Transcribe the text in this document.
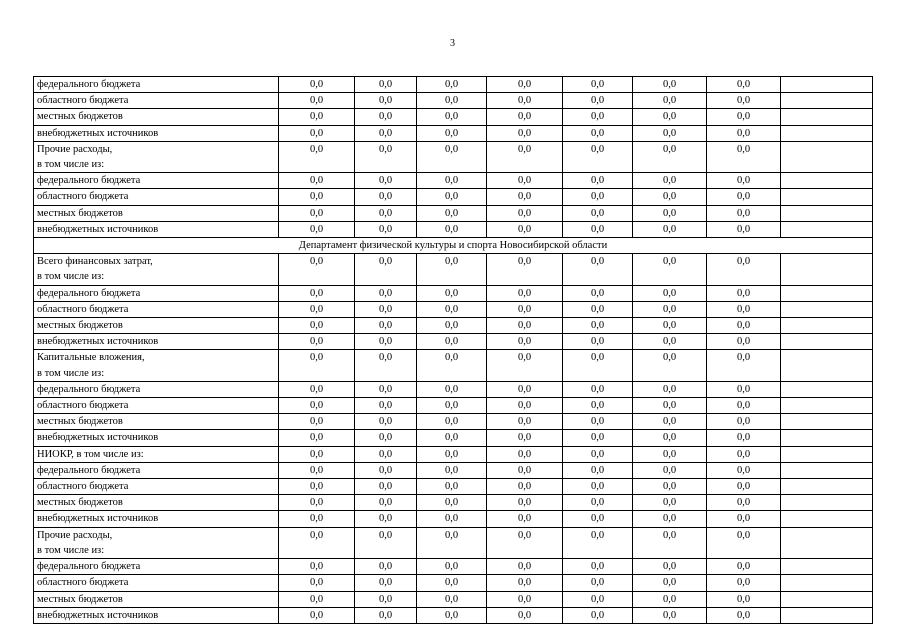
3
федерального бюджета	0,0	0,0	0,0	0,0	0,0	0,0	0,0	

областного бюджета	0,0	0,0	0,0	0,0	0,0	0,0	0,0	

местных бюджетов	0,0	0,0	0,0	0,0	0,0	0,0	0,0	

внебюджетных источников	0,0	0,0	0,0	0,0	0,0	0,0	0,0	

Прочие расходы,
в том числе из:	0,0	0,0	0,0	0,0	0,0	0,0	0,0	

федерального бюджета	0,0	0,0	0,0	0,0	0,0	0,0	0,0	

областного бюджета	0,0	0,0	0,0	0,0	0,0	0,0	0,0	

местных бюджетов	0,0	0,0	0,0	0,0	0,0	0,0	0,0	

внебюджетных источников	0,0	0,0	0,0	0,0	0,0	0,0	0,0	
Департамент физической культуры и спорта Новосибирской области								

Всего финансовых затрат,
в том числе из:	0,0	0,0	0,0	0,0	0,0	0,0	0,0	

федерального бюджета	0,0	0,0	0,0	0,0	0,0	0,0	0,0	

областного бюджета	0,0	0,0	0,0	0,0	0,0	0,0	0,0	

местных бюджетов	0,0	0,0	0,0	0,0	0,0	0,0	0,0	

внебюджетных источников	0,0	0,0	0,0	0,0	0,0	0,0	0,0	

Капитальные вложения,
в том числе из:	0,0	0,0	0,0	0,0	0,0	0,0	0,0	

федерального бюджета	0,0	0,0	0,0	0,0	0,0	0,0	0,0	

областного бюджета	0,0	0,0	0,0	0,0	0,0	0,0	0,0	

местных бюджетов	0,0	0,0	0,0	0,0	0,0	0,0	0,0	

внебюджетных источников	0,0	0,0	0,0	0,0	0,0	0,0	0,0	

НИОКР, в том числе из:	0,0	0,0	0,0	0,0	0,0	0,0	0,0	

федерального бюджета	0,0	0,0	0,0	0,0	0,0	0,0	0,0	

областного бюджета	0,0	0,0	0,0	0,0	0,0	0,0	0,0	

местных бюджетов	0,0	0,0	0,0	0,0	0,0	0,0	0,0	

внебюджетных источников	0,0	0,0	0,0	0,0	0,0	0,0	0,0	

Прочие расходы,
в том числе из:	0,0	0,0	0,0	0,0	0,0	0,0	0,0	

федерального бюджета	0,0	0,0	0,0	0,0	0,0	0,0	0,0	

областного бюджета	0,0	0,0	0,0	0,0	0,0	0,0	0,0	

местных бюджетов	0,0	0,0	0,0	0,0	0,0	0,0	0,0	

внебюджетных источников	0,0	0,0	0,0	0,0	0,0	0,0	0,0	
